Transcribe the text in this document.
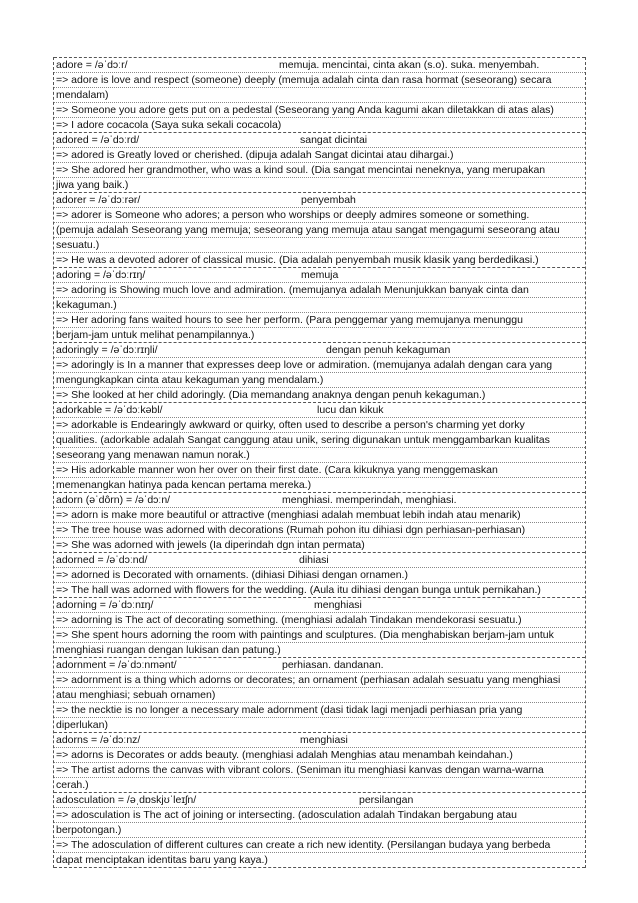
adore = /əˈdɔːr/	memuja. mencintai, cinta akan (s.o). suka. menyembah.
=> adore is love and respect (someone) deeply (memuja adalah cinta dan rasa hormat (seseorang) secara
mendalam)
=> Someone you adore gets put on a pedestal (Seseorang yang Anda kagumi akan diletakkan di atas alas)
=> I adore cocacola (Saya suka sekali cocacola)
adored = /əˈdɔːrd/	sangat dicintai
=> adored is Greatly loved or cherished. (dipuja adalah Sangat dicintai atau dihargai.)
=> She adored her grandmother, who was a kind soul. (Dia sangat mencintai neneknya, yang merupakan
jiwa yang baik.)
adorer = /əˈdɔːrər/	penyembah
=> adorer is Someone who adores; a person who worships or deeply admires someone or something.
(pemuja adalah Seseorang yang memuja; seseorang yang memuja atau sangat mengagumi seseorang atau
sesuatu.)
=> He was a devoted adorer of classical music. (Dia adalah penyembah musik klasik yang berdedikasi.)
adoring = /əˈdɔːrɪŋ/	memuja
=> adoring is Showing much love and admiration. (memujanya adalah Menunjukkan banyak cinta dan
kekaguman.)
=> Her adoring fans waited hours to see her perform. (Para penggemar yang memujanya menunggu
berjam-jam untuk melihat penampilannya.)
adoringly = /əˈdɔːrɪŋli/	dengan penuh kekaguman
=> adoringly is In a manner that expresses deep love or admiration. (memujanya adalah dengan cara yang
mengungkapkan cinta atau kekaguman yang mendalam.)
=> She looked at her child adoringly. (Dia memandang anaknya dengan penuh kekaguman.)
adorkable = /əˈdɔːkəbl/	lucu dan kikuk
=> adorkable is Endearingly awkward or quirky, often used to describe a person's charming yet dorky
qualities. (adorkable adalah Sangat canggung atau unik, sering digunakan untuk menggambarkan kualitas
seseorang yang menawan namun norak.)
=> His adorkable manner won her over on their first date. (Cara kikuknya yang menggemaskan
memenangkan hatinya pada kencan pertama mereka.)
adorn (əˈdôrn) = /əˈdɔːn/	menghiasi. memperindah, menghiasi.
=> adorn is make more beautiful or attractive (menghiasi adalah membuat lebih indah atau menarik)
=> The tree house was adorned with decorations (Rumah pohon itu dihiasi dgn perhiasan-perhiasan)
=> She was adorned with jewels (Ia diperindah dgn intan permata)
adorned = /əˈdɔːnd/	dihiasi
=> adorned is Decorated with ornaments. (dihiasi Dihiasi dengan ornamen.)
=> The hall was adorned with flowers for the wedding. (Aula itu dihiasi dengan bunga untuk pernikahan.)
adorning = /əˈdɔːnɪŋ/	menghiasi
=> adorning is The act of decorating something. (menghiasi adalah Tindakan mendekorasi sesuatu.)
=> She spent hours adorning the room with paintings and sculptures. (Dia menghabiskan berjam-jam untuk
menghiasi ruangan dengan lukisan dan patung.)
adornment = /əˈdɔːnmənt/	perhiasan. dandanan.
=> adornment is a thing which adorns or decorates; an ornament (perhiasan adalah sesuatu yang menghiasi
atau menghiasi; sebuah ornamen)
=> the necktie is no longer a necessary male adornment (dasi tidak lagi menjadi perhiasan pria yang
diperlukan)
adorns = /əˈdɔːnz/	menghiasi
=> adorns is Decorates or adds beauty. (menghiasi adalah Menghias atau menambah keindahan.)
=> The artist adorns the canvas with vibrant colors. (Seniman itu menghiasi kanvas dengan warna-warna
cerah.)
adosculation = /əˌdɒskjʊˈleɪʃn/	persilangan
=> adosculation is The act of joining or intersecting. (adosculation adalah Tindakan bergabung atau
berpotongan.)
=> The adosculation of different cultures can create a rich new identity. (Persilangan budaya yang berbeda
dapat menciptakan identitas baru yang kaya.)
